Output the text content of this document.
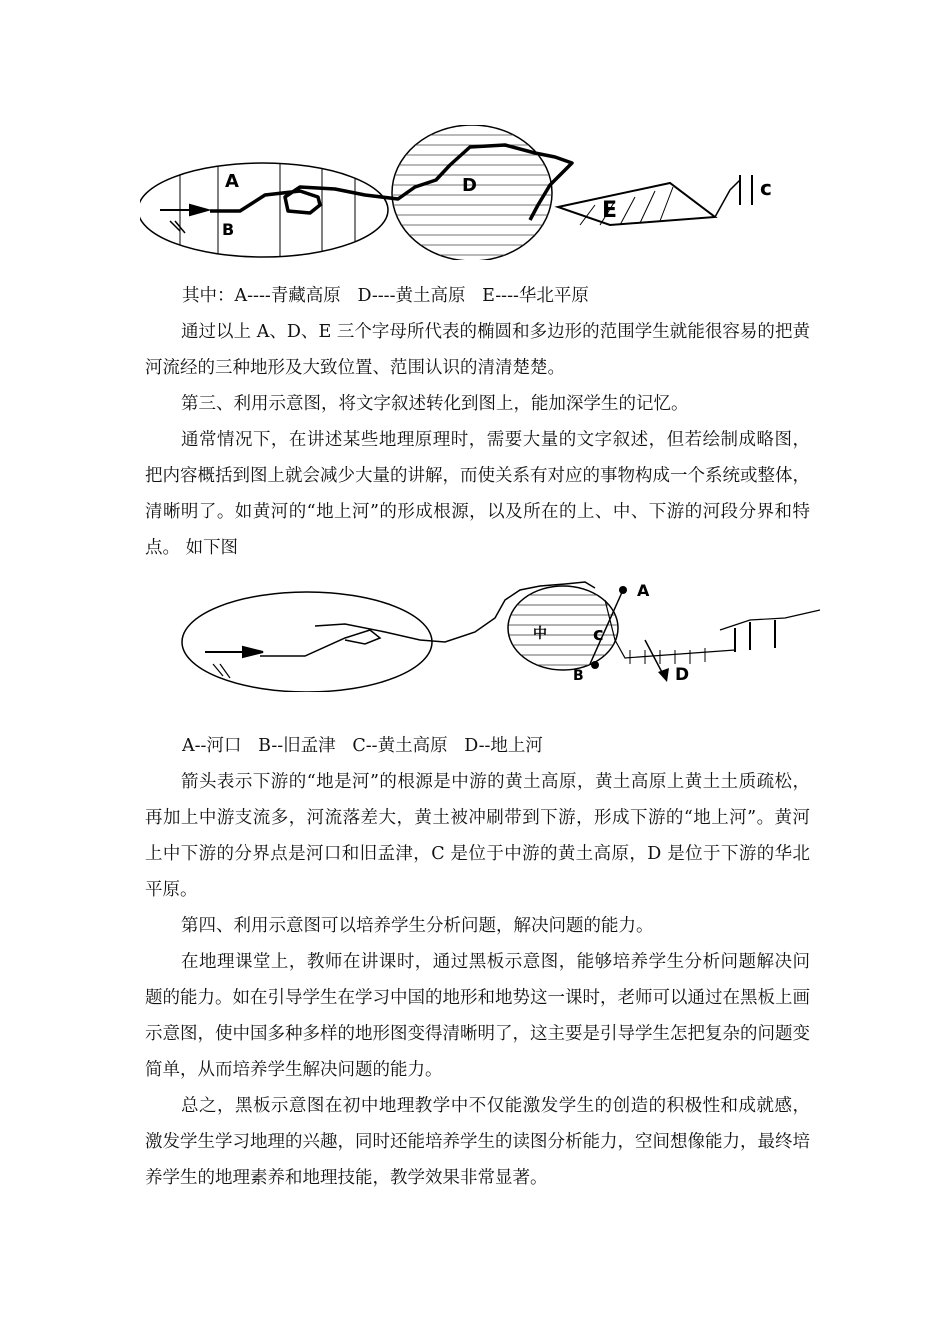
A
B
D
E
c

其中：A----青藏高原   D----黄土高原   E----华北平原

通过以上 A、D、E 三个字母所代表的椭圆和多边形的范围学生就能很容易的把黄河流经的三种地形及大致位置、范围认识的清清楚楚。

第三、利用示意图，将文字叙述转化到图上，能加深学生的记忆。

通常情况下，在讲述某些地理原理时，需要大量的文字叙述，但若绘制成略图，把内容概括到图上就会减少大量的讲解，而使关系有对应的事物构成一个系统或整体，清晰明了。如黄河的“地上河”的形成根源，以及所在的上、中、下游的河段分界和特点。 如下图

A
B
c
D
中

A--河口   B--旧孟津   C--黄土高原   D--地上河

箭头表示下游的“地是河”的根源是中游的黄土高原，黄土高原上黄土土质疏松，再加上中游支流多，河流落差大，黄土被冲刷带到下游，形成下游的“地上河”。黄河上中下游的分界点是河口和旧孟津，C 是位于中游的黄土高原，D 是位于下游的华北平原。

第四、利用示意图可以培养学生分析问题，解决问题的能力。

在地理课堂上，教师在讲课时，通过黑板示意图，能够培养学生分析问题解决问题的能力。如在引导学生在学习中国的地形和地势这一课时，老师可以通过在黑板上画示意图，使中国多种多样的地形图变得清晰明了，这主要是引导学生怎把复杂的问题变简单，从而培养学生解决问题的能力。

总之，黑板示意图在初中地理教学中不仅能激发学生的创造的积极性和成就感，激发学生学习地理的兴趣，同时还能培养学生的读图分析能力，空间想像能力，最终培养学生的地理素养和地理技能，教学效果非常显著。
